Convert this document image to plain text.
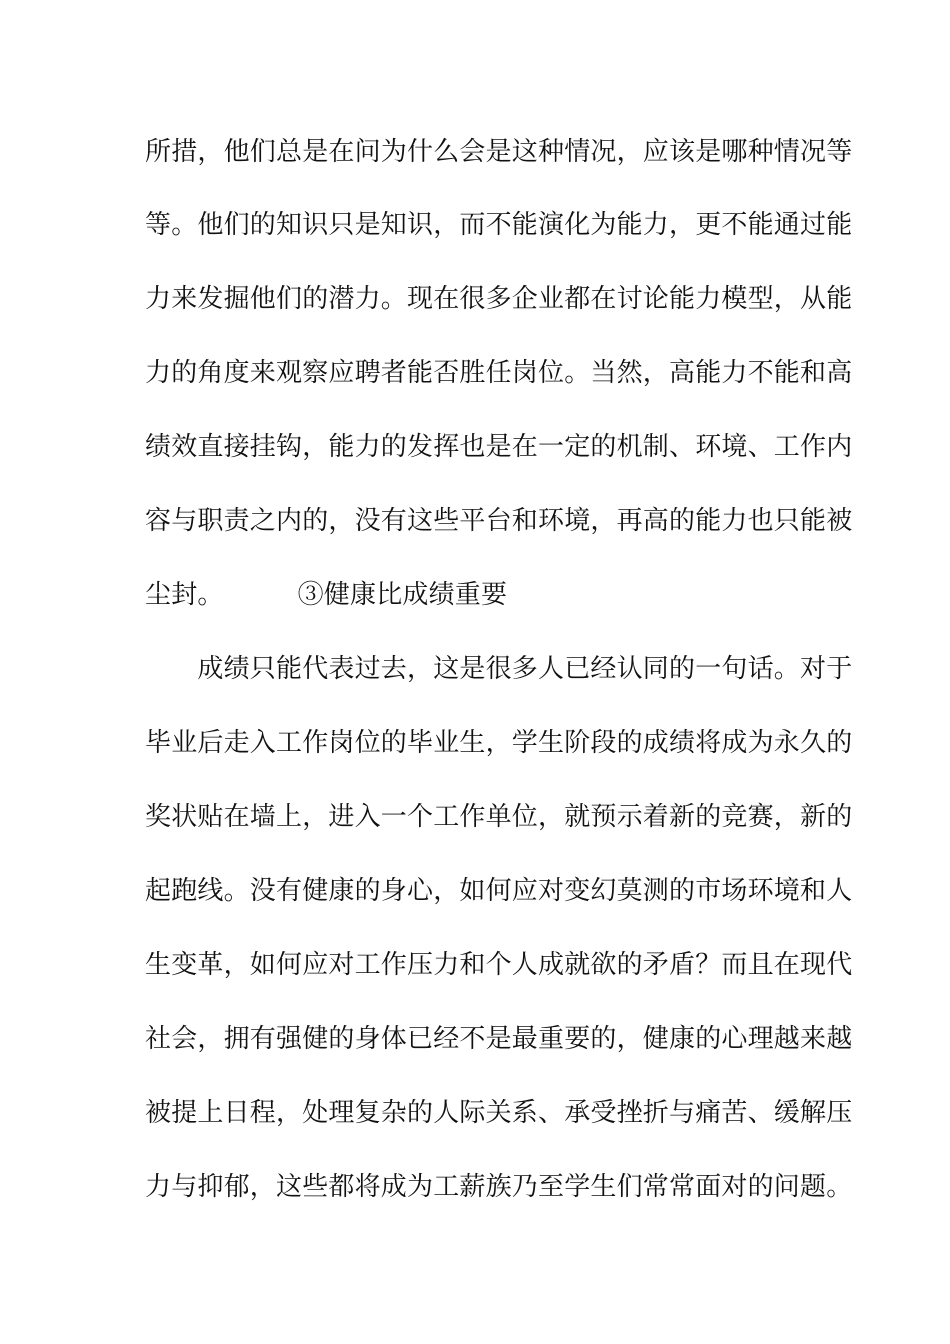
所措，他们总是在问为什么会是这种情况，应该是哪种情况等
等。他们的知识只是知识，而不能演化为能力，更不能通过能
力来发掘他们的潜力。现在很多企业都在讨论能力模型，从能
力的角度来观察应聘者能否胜任岗位。当然，高能力不能和高
绩效直接挂钩，能力的发挥也是在一定的机制、环境、工作内
容与职责之内的，没有这些平台和环境，再高的能力也只能被
尘封。	③健康比成绩重要
　　成绩只能代表过去，这是很多人已经认同的一句话。对于
毕业后走入工作岗位的毕业生，学生阶段的成绩将成为永久的
奖状贴在墙上，进入一个工作单位，就预示着新的竞赛，新的
起跑线。没有健康的身心，如何应对变幻莫测的市场环境和人
生变革，如何应对工作压力和个人成就欲的矛盾？而且在现代
社会，拥有强健的身体已经不是最重要的，健康的心理越来越
被提上日程，处理复杂的人际关系、承受挫折与痛苦、缓解压
力与抑郁，这些都将成为工薪族乃至学生们常常面对的问题。
